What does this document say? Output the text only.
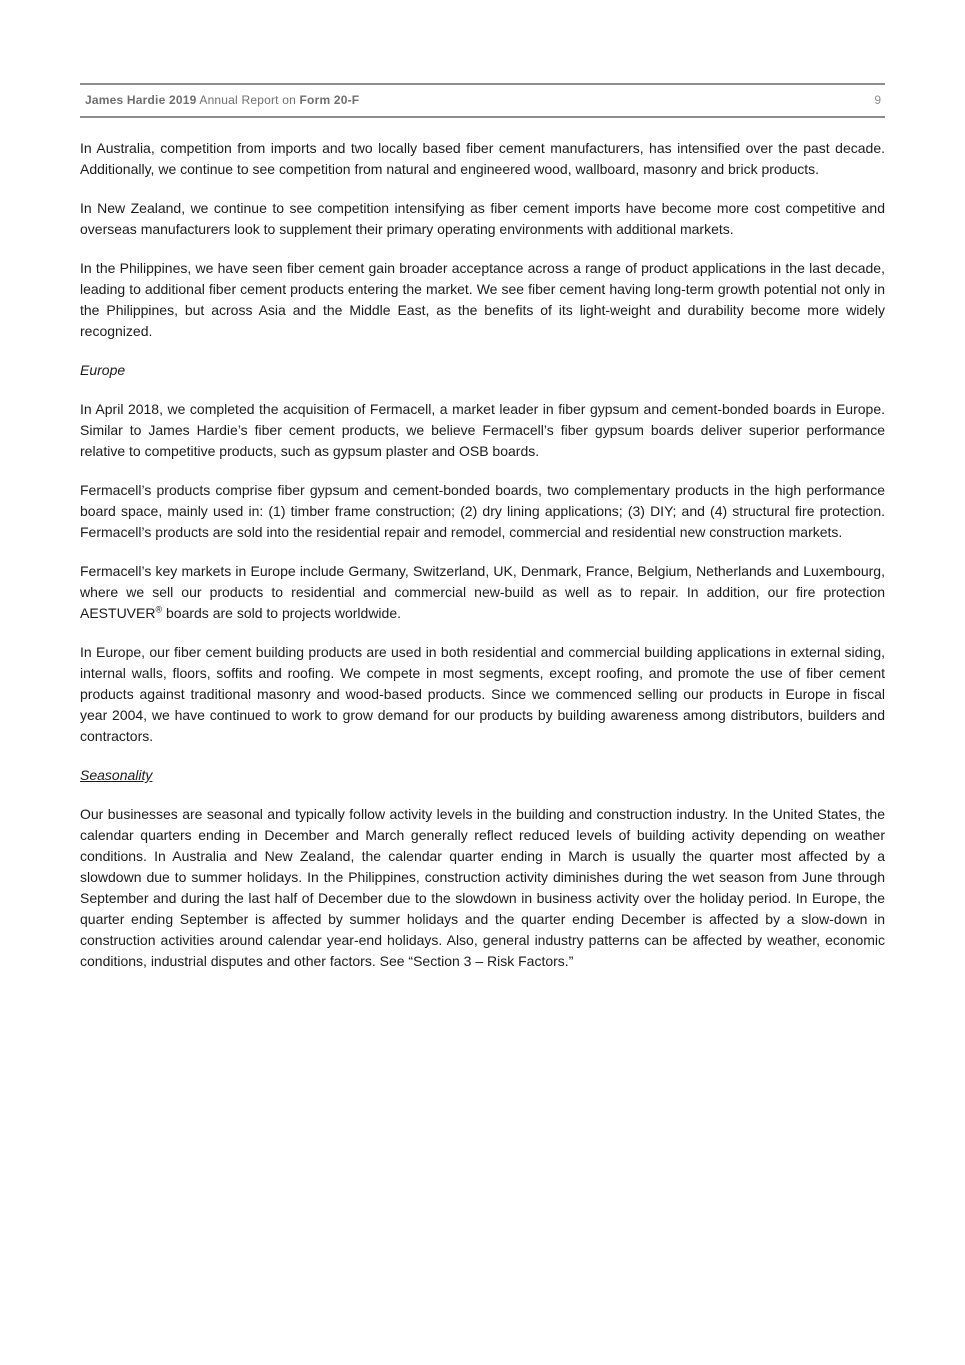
James Hardie 2019 Annual Report on Form 20-F	9

In Australia, competition from imports and two locally based fiber cement manufacturers, has intensified over the past decade. Additionally, we continue to see competition from natural and engineered wood, wallboard, masonry and brick products.

In New Zealand, we continue to see competition intensifying as fiber cement imports have become more cost competitive and overseas manufacturers look to supplement their primary operating environments with additional markets.

In the Philippines, we have seen fiber cement gain broader acceptance across a range of product applications in the last decade, leading to additional fiber cement products entering the market. We see fiber cement having long-term growth potential not only in the Philippines, but across Asia and the Middle East, as the benefits of its light-weight and durability become more widely recognized.

Europe

In April 2018, we completed the acquisition of Fermacell, a market leader in fiber gypsum and cement-bonded boards in Europe. Similar to James Hardie’s fiber cement products, we believe Fermacell’s fiber gypsum boards deliver superior performance relative to competitive products, such as gypsum plaster and OSB boards.

Fermacell’s products comprise fiber gypsum and cement-bonded boards, two complementary products in the high performance board space, mainly used in: (1) timber frame construction; (2) dry lining applications; (3) DIY; and (4) structural fire protection. Fermacell’s products are sold into the residential repair and remodel, commercial and residential new construction markets.

Fermacell’s key markets in Europe include Germany, Switzerland, UK, Denmark, France, Belgium, Netherlands and Luxembourg, where we sell our products to residential and commercial new-build as well as to repair. In addition, our fire protection AESTUVER® boards are sold to projects worldwide.

In Europe, our fiber cement building products are used in both residential and commercial building applications in external siding, internal walls, floors, soffits and roofing. We compete in most segments, except roofing, and promote the use of fiber cement products against traditional masonry and wood-based products. Since we commenced selling our products in Europe in fiscal year 2004, we have continued to work to grow demand for our products by building awareness among distributors, builders and contractors.

Seasonality

Our businesses are seasonal and typically follow activity levels in the building and construction industry. In the United States, the calendar quarters ending in December and March generally reflect reduced levels of building activity depending on weather conditions. In Australia and New Zealand, the calendar quarter ending in March is usually the quarter most affected by a slowdown due to summer holidays. In the Philippines, construction activity diminishes during the wet season from June through September and during the last half of December due to the slowdown in business activity over the holiday period. In Europe, the quarter ending September is affected by summer holidays and the quarter ending December is affected by a slow-down in construction activities around calendar year-end holidays. Also, general industry patterns can be affected by weather, economic conditions, industrial disputes and other factors. See “Section 3 – Risk Factors.”
